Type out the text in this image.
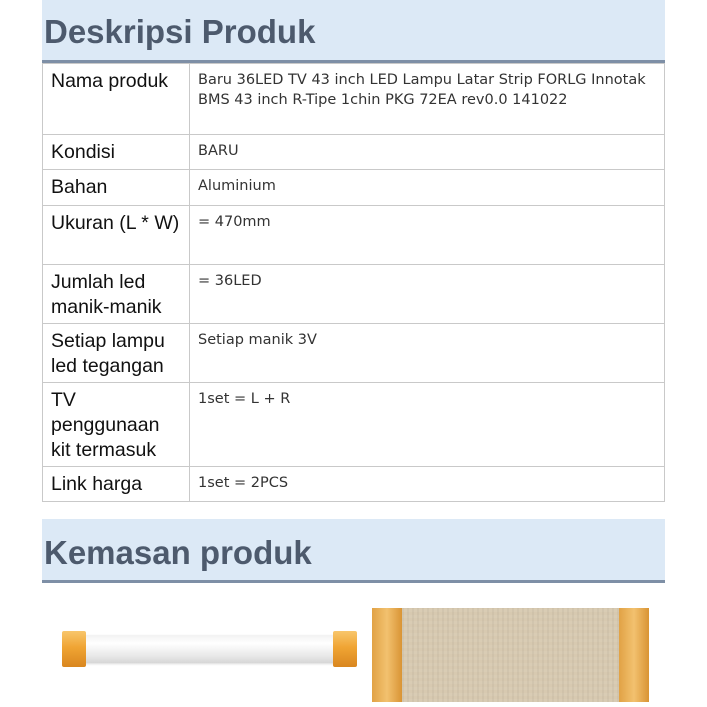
Deskripsi Produk
Nama produk	Baru 36LED TV 43 inch LED Lampu Latar Strip FORLG Innotak BMS 43 inch R-Tipe 1chin PKG 72EA rev0.0 141022
Kondisi	BARU
Bahan	Aluminium
Ukuran (L * W)	= 470mm
Jumlah led manik-manik	= 36LED
Setiap lampu led tegangan	Setiap manik 3V
TV penggunaan kit termasuk	1set = L + R
Link harga	1set = 2PCS
Kemasan produk
